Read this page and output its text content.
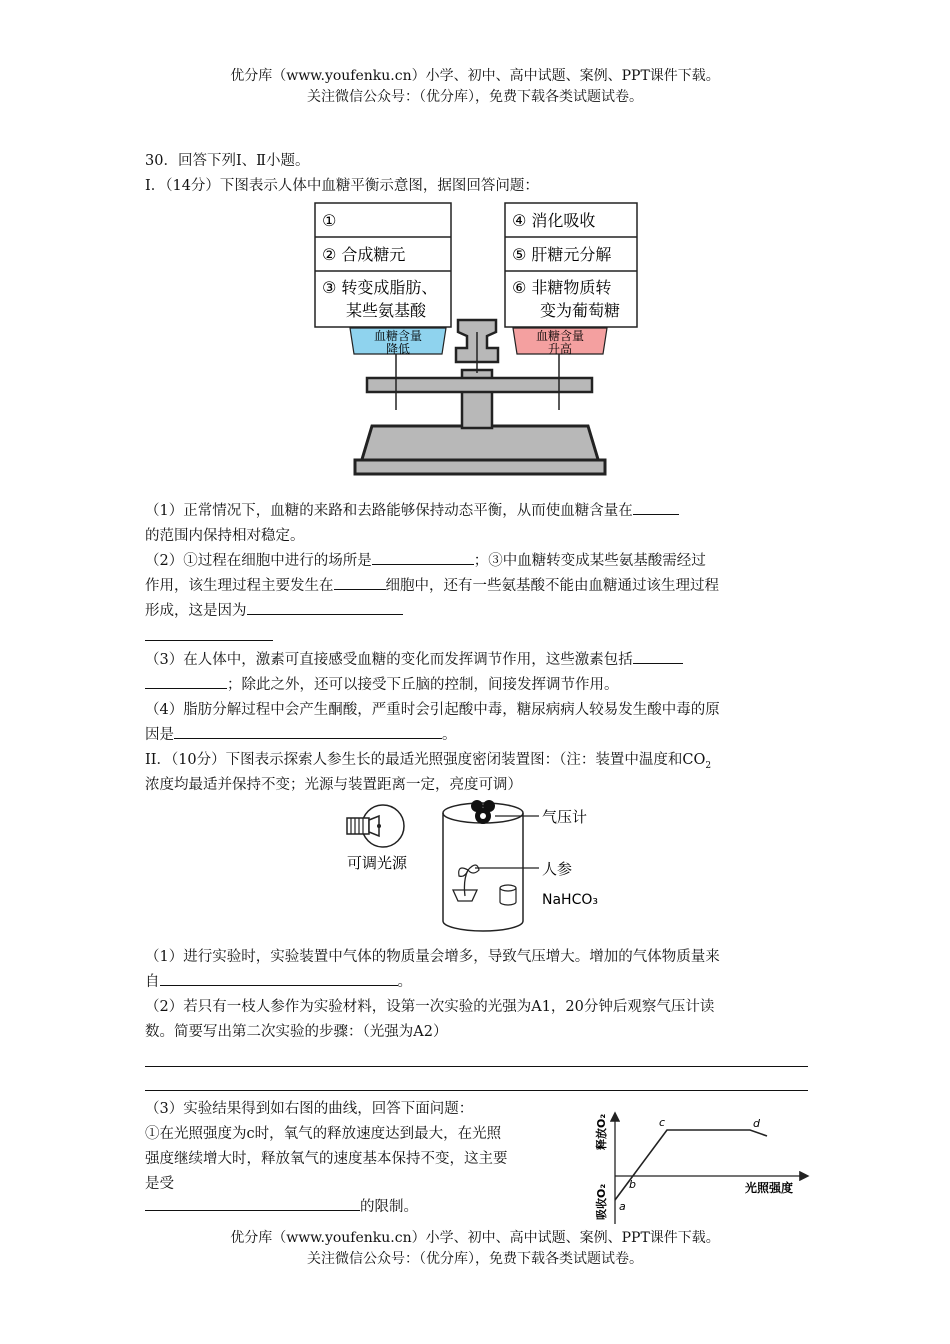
优分库（www.youfenku.cn）小学、初中、高中试题、案例、PPT课件下载。
关注微信公众号：（优分库），免费下载各类试题试卷。
30．回答下列Ⅰ、Ⅱ小题。
I．（14分）下图表示人体中血糖平衡示意图，据图回答问题：
血糖含量
降低
血糖含量
升高
①
② 合成糖元
③ 转变成脂肪、
某些氨基酸
④ 消化吸收
⑤ 肝糖元分解
⑥ 非糖物质转
变为葡萄糖
（1）正常情况下，血糖的来路和去路能够保持动态平衡，从而使血糖含量在
的范围内保持相对稳定。
（2）①过程在细胞中进行的场所是	；③中血糖转变成某些氨基酸需经过
作用，该生理过程主要发生在	细胞中，还有一些氨基酸不能由血糖通过该生理过程
形成，这是因为
（3）在人体中，激素可直接感受血糖的变化而发挥调节作用，这些激素包括
；除此之外，还可以接受下丘脑的控制，间接发挥调节作用。
（4）脂肪分解过程中会产生酮酸，严重时会引起酸中毒，糖尿病病人较易发生酸中毒的原
因是	。
II．（10分）下图表示探索人参生长的最适光照强度密闭装置图：（注：装置中温度和$CO_2$
浓度均最适并保持不变；光源与装置距离一定，亮度可调）
可调光源
气压计
人参
NaHCO₃
（1）进行实验时，实验装置中气体的物质量会增多，导致气压增大。增加的气体物质量来
自	。
（2）若只有一枝人参作为实验材料，设第一次实验的光强为A1，20分钟后观察气压计读
数。简要写出第二次实验的步骤：（光强为A2）
（3）实验结果得到如右图的曲线，回答下面问题：
①在光照强度为c时，氧气的释放速度达到最大，在光照
强度继续增大时，释放氧气的速度基本保持不变，这主要
是受
的限制。
释放O₂
吸收O₂ a
b
c	d
光照强度
优分库（www.youfenku.cn）小学、初中、高中试题、案例、PPT课件下载。
关注微信公众号：（优分库），免费下载各类试题试卷。
